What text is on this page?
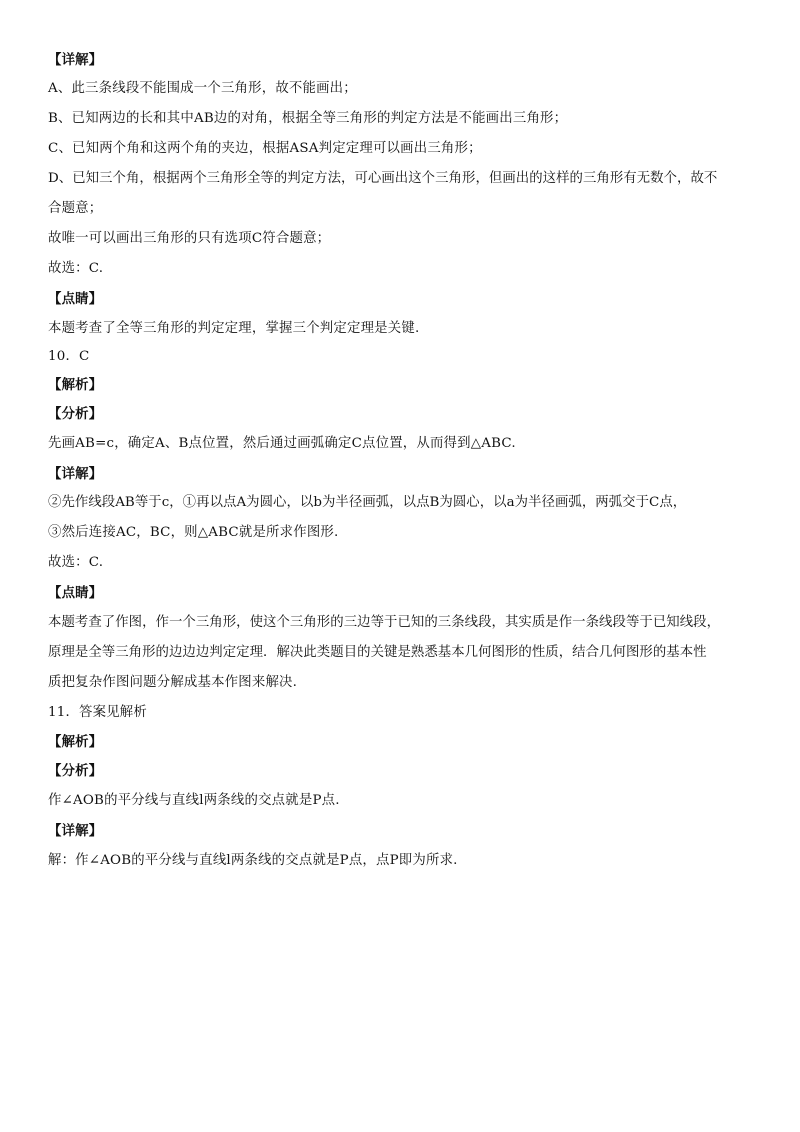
【详解】
A、此三条线段不能围成一个三角形，故不能画出；
B、已知两边的长和其中AB边的对角，根据全等三角形的判定方法是不能画出三角形；
C、已知两个角和这两个角的夹边，根据ASA判定定理可以画出三角形；
D、已知三个角，根据两个三角形全等的判定方法，可心画出这个三角形，但画出的这样的三角形有无数个，故不
合题意；
故唯一可以画出三角形的只有选项C符合题意；
故选：C.
【点睛】
本题考查了全等三角形的判定定理，掌握三个判定定理是关键.
10．C
【解析】
【分析】
先画AB=c，确定A、B点位置，然后通过画弧确定C点位置，从而得到△ABC.
【详解】
②先作线段AB等于c，①再以点A为圆心，以b为半径画弧，以点B为圆心，以a为半径画弧，两弧交于C点，
③然后连接AC，BC，则△ABC就是所求作图形.
故选：C.
【点睛】
本题考查了作图，作一个三角形，使这个三角形的三边等于已知的三条线段，其实质是作一条线段等于已知线段，
原理是全等三角形的边边边判定定理．解决此类题目的关键是熟悉基本几何图形的性质，结合几何图形的基本性
质把复杂作图问题分解成基本作图来解决.
11．答案见解析
【解析】
【分析】
作∠AOB的平分线与直线l两条线的交点就是P点.
【详解】
解：作∠AOB的平分线与直线l两条线的交点就是P点，点P即为所求.
